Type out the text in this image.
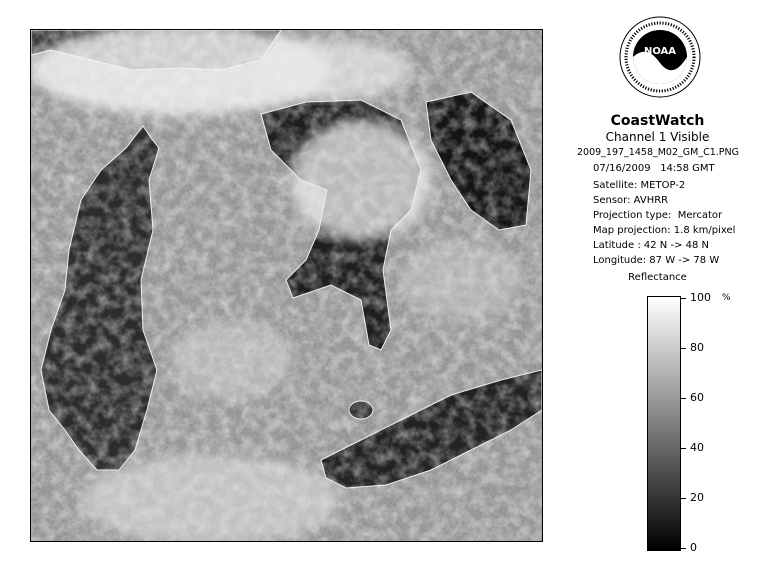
NOAA
CoastWatch
Channel 1 Visible
2009_197_1458_M02_GM_C1.PNG
07/16/2009 14:58 GMT
Satellite: METOP-2
Sensor: AVHRR
Projection type: Mercator
Map projection: 1.8 km/pixel
Latitude : 42 N -> 48 N
Longitude: 87 W -> 78 W
Reflectance
%
100
80
60
40
20
0
